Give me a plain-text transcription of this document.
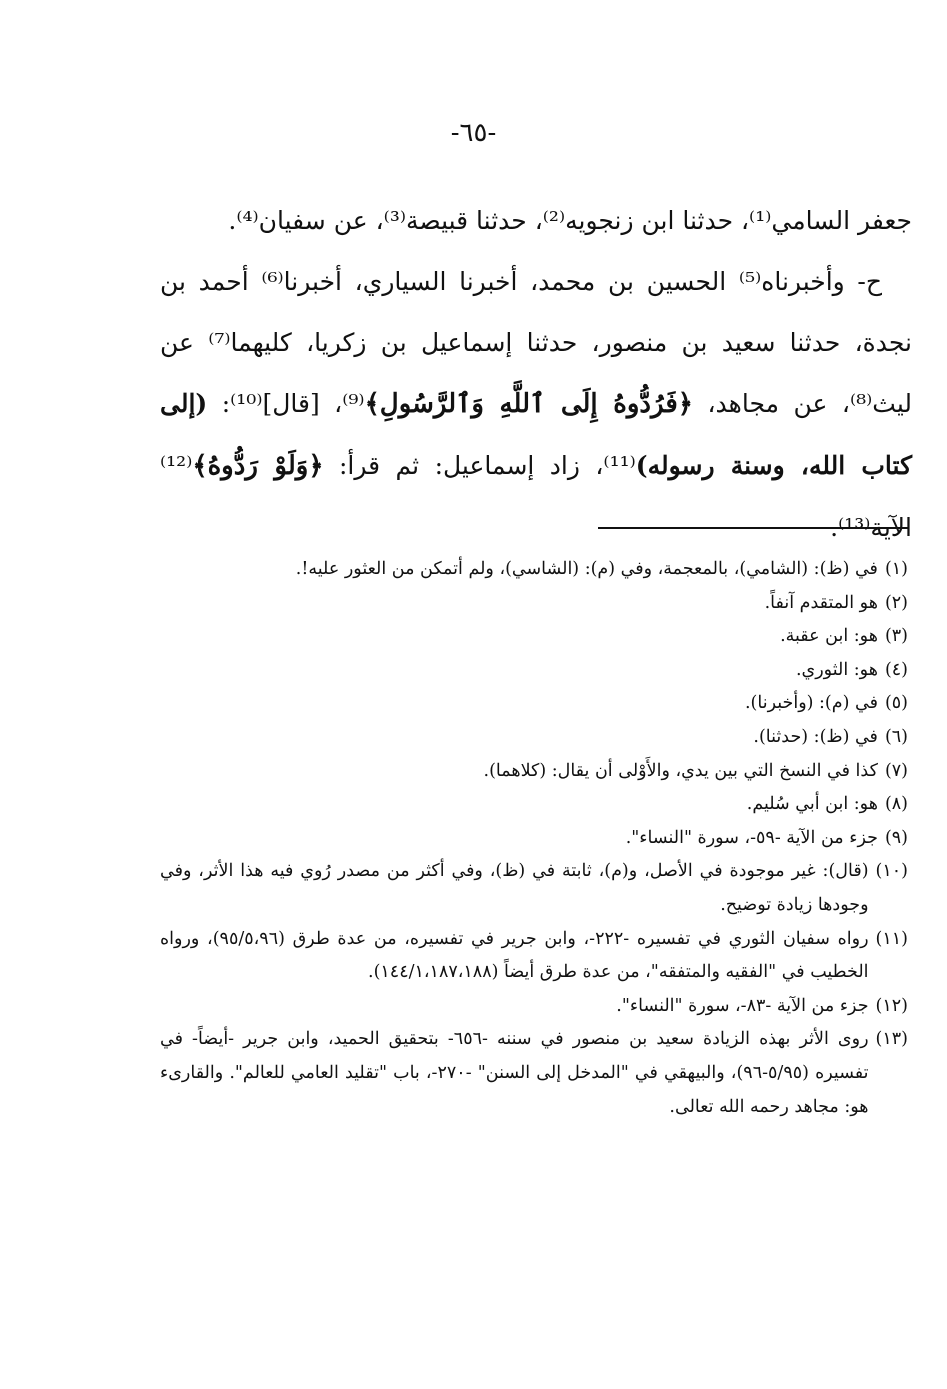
-٦٥-

جعفر السامي⁽¹⁾، حدثنا ابن زنجويه⁽²⁾، حدثنا قبيصة⁽³⁾، عن سفيان⁽⁴⁾.

ح- وأخبرناه⁽⁵⁾ الحسين بن محمد، أخبرنا السياري، أخبرنا⁽⁶⁾ أحمد بن نجدة، حدثنا سعيد بن منصور، حدثنا إسماعيل بن زكريا، كليهما⁽⁷⁾ عن ليث⁽⁸⁾، عن مجاهد، ﴿فَرُدُّوهُ إِلَى ٱللَّهِ وَٱلرَّسُولِ﴾⁽⁹⁾، [قال]⁽¹⁰⁾: (إلى كتاب الله، وسنة رسوله)⁽¹¹⁾، زاد إسماعيل: ثم قرأ: ﴿وَلَوْ رَدُّوهُ﴾⁽¹²⁾ الآية⁽¹³⁾.

(١)
في (ظ): (الشامي)، بالمعجمة، وفي (م): (الشاسي)، ولم أتمكن من العثور عليه!.
(٢)
هو المتقدم آنفاً.
(٣)
هو: ابن عقبة.
(٤)
هو: الثوري.
(٥)
في (م): (وأخبرنا).
(٦)
في (ظ): (حدثنا).
(٧)
كذا في النسخ التي بين يدي، والأَوْلى أن يقال: (كلاهما).
(٨)
هو: ابن أبي سُليم.
(٩)
جزء من الآية -٥٩-، سورة "النساء".
(١٠)
(قال): غير موجودة في الأصل، و(م)، ثابتة في (ظ)، وفي أكثر من مصدر رُوي فيه هذا الأثر، وفي وجودها زيادة توضيح.
(١١)
رواه سفيان الثوري في تفسيره -٢٢٢-، وابن جرير في تفسيره، من عدة طرق (٩٥/٥،٩٦)، ورواه الخطيب في "الفقيه والمتفقه"، من عدة طرق أيضاً (١٤٤/١،١٨٧،١٨٨).
(١٢)
جزء من الآية -٨٣-، سورة "النساء".
(١٣)
روى الأثر بهذه الزيادة سعيد بن منصور في سننه -٦٥٦- بتحقيق الحميد، وابن جرير -أيضاً- في تفسيره (٥/٩٥-٩٦)، والبيهقي في "المدخل إلى السنن" -٢٧٠-، باب "تقليد العامي للعالم". والقارىء هو: مجاهد رحمه الله تعالى.
